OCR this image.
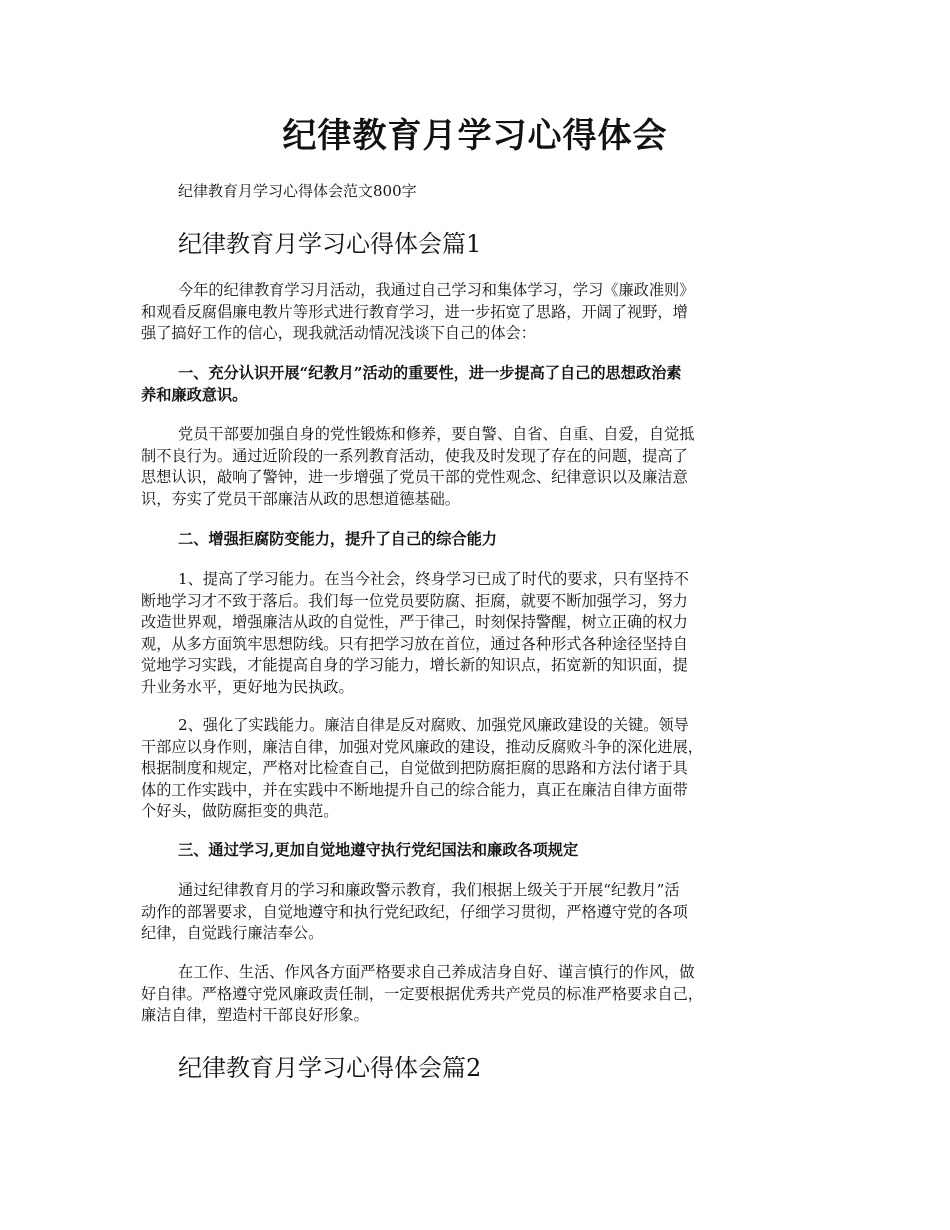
纪律教育月学习心得体会

纪律教育月学习心得体会范文800字

纪律教育月学习心得体会篇1
今年的纪律教育学习月活动，我通过自己学习和集体学习，学习《廉政准则》
和观看反腐倡廉电教片等形式进行教育学习，进一步拓宽了思路，开阔了视野，增
强了搞好工作的信心，现我就活动情况浅谈下自己的体会：
一、充分认识开展“纪教月”活动的重要性，进一步提高了自己的思想政治素
养和廉政意识。
党员干部要加强自身的党性锻炼和修养，要自警、自省、自重、自爱，自觉抵
制不良行为。通过近阶段的一系列教育活动，使我及时发现了存在的问题，提高了
思想认识，敲响了警钟，进一步增强了党员干部的党性观念、纪律意识以及廉洁意
识，夯实了党员干部廉洁从政的思想道德基础。
二、增强拒腐防变能力，提升了自己的综合能力
1、提高了学习能力。在当今社会，终身学习已成了时代的要求，只有坚持不
断地学习才不致于落后。我们每一位党员要防腐、拒腐，就要不断加强学习，努力
改造世界观，增强廉洁从政的自觉性，严于律己，时刻保持警醒，树立正确的权力
观，从多方面筑牢思想防线。只有把学习放在首位，通过各种形式各种途径坚持自
觉地学习实践，才能提高自身的学习能力，增长新的知识点，拓宽新的知识面，提
升业务水平，更好地为民执政。
2、强化了实践能力。廉洁自律是反对腐败、加强党风廉政建设的关键。领导
干部应以身作则，廉洁自律，加强对党风廉政的建设，推动反腐败斗争的深化进展，
根据制度和规定，严格对比检查自己，自觉做到把防腐拒腐的思路和方法付诸于具
体的工作实践中，并在实践中不断地提升自己的综合能力，真正在廉洁自律方面带
个好头，做防腐拒变的典范。
三、通过学习,更加自觉地遵守执行党纪国法和廉政各项规定
通过纪律教育月的学习和廉政警示教育，我们根据上级关于开展“纪教月”活
动作的部署要求，自觉地遵守和执行党纪政纪，仔细学习贯彻，严格遵守党的各项
纪律，自觉践行廉洁奉公。
在工作、生活、作风各方面严格要求自己养成洁身自好、谨言慎行的作风，做
好自律。严格遵守党风廉政责任制，一定要根据优秀共产党员的标准严格要求自己，
廉洁自律，塑造村干部良好形象。
纪律教育月学习心得体会篇2
